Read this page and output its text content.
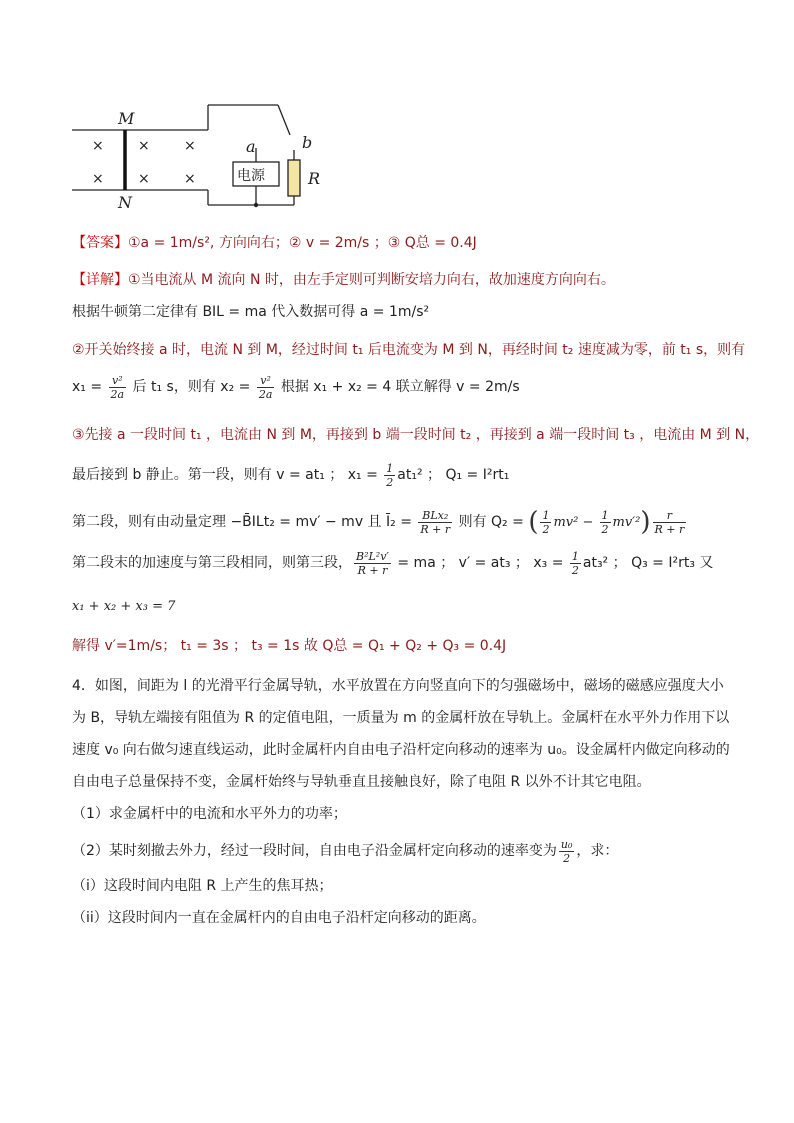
×
×
×
×
×
×
M
N
a	b
R
电源
【答案】①a = 1m/s², 方向向右；② v = 2m/s ；③ Q总 = 0.4J
【详解】①当电流从 M 流向 N 时，由左手定则可判断安培力向右，故加速度方向向右。
根据牛顿第二定律有 BIL = ma 代入数据可得 a = 1m/s²
②开关始终接 a 时，电流 N 到 M，经过时间 t₁ 后电流变为 M 到 N，再经时间 t₂ 速度减为零，前 t₁ s，则有
$x_1 = \frac{\text{v²}}{2a}$ 后 t₁ s，则有 $x_2 = \frac{\text{v²}}{2a}$ 根据 x₁ + x₂ = 4 联立解得 v = 2m/s
③先接 a 一段时间 t₁ ，电流由 N 到 M，再接到 b 端一段时间 t₂ ，再接到 a 端一段时间 t₃ ，电流由 M 到 N，
最后接到 b 静止。第一段，则有 v = at₁ ； $x_1 = \frac{1}{2} at_1^2$ ； Q₁ = I²rt₁
第二段，则有由动量定理 −B̄ILt₂ = mv′ − mv 且 Ī₂ = $\frac{\text{BLx₂}}{R + r}$ 则有 Q₂ = ( $\frac{1}{2} mv^2 - \frac{1}{2} mv'^2) \frac{r}{R + r}$
第二段末的加速度与第三段相同，则第三段， $\frac{\text{B²L²v′}}{R + r}$ = ma ； v′ = at₃ ； $x_3 = \frac{1}{2} at_3^2$ ； Q₃ = I²rt₃ 又
x₁ + x₂ + x₃ = 7
解得 v′=1m/s； t₁ = 3s ； t₃ = 1s 故 Q总 = Q₁ + Q₂ + Q₃ = 0.4J
4．如图，间距为 l 的光滑平行金属导轨，水平放置在方向竖直向下的匀强磁场中，磁场的磁感应强度大小
为 B，导轨左端接有阻值为 R 的定值电阻，一质量为 m 的金属杆放在导轨上。金属杆在水平外力作用下以
速度 v₀ 向右做匀速直线运动，此时金属杆内自由电子沿杆定向移动的速率为 u₀。设金属杆内做定向移动的
自由电子总量保持不变，金属杆始终与导轨垂直且接触良好，除了电阻 R 以外不计其它电阻。
（1）求金属杆中的电流和水平外力的功率；
（2）某时刻撤去外力，经过一段时间，自由电子沿金属杆定向移动的速率变为 $\frac{\text{u₀}}{2}$ ，求：
（i）这段时间内电阻 R 上产生的焦耳热；
（ii）这段时间内一直在金属杆内的自由电子沿杆定向移动的距离。
